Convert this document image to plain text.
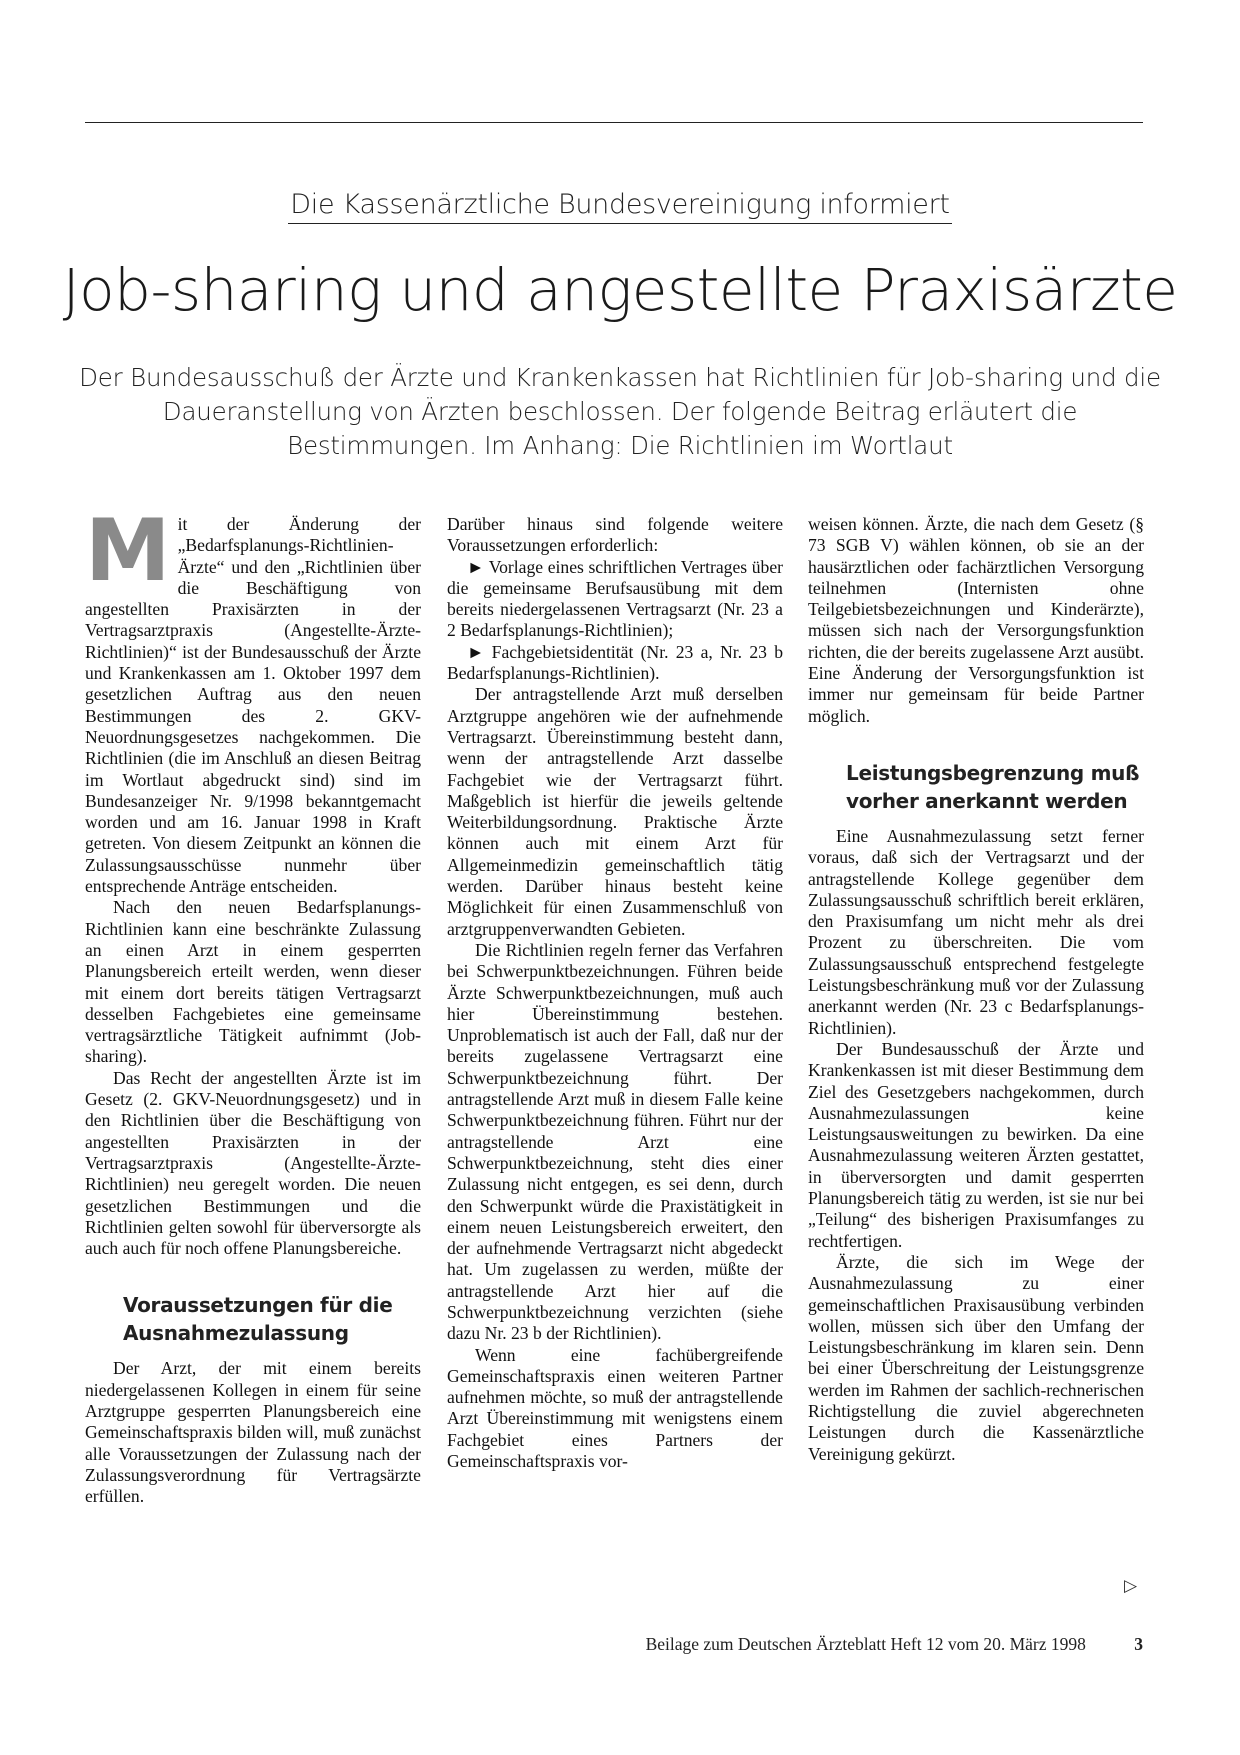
Die Kassenärztliche Bundesvereinigung informiert
Job-sharing und angestellte Praxisärzte

Der Bundesausschuß der Ärzte und Krankenkassen hat Richtlinien für Job-sharing und die Daueranstellung von Ärzten beschlossen. Der folgende Beitrag erläutert die Bestimmungen. Im Anhang: Die Richtlinien im Wortlaut

M it der Änderung der „Bedarfsplanungs-Richtlinien-Ärzte“ und den „Richtlinien über die Beschäftigung von angestellten Praxisärzten in der Vertragsarztpraxis (Angestellte-Ärzte-Richtlinien)“ ist der Bundesausschuß der Ärzte und Krankenkassen am 1. Oktober 1997 dem gesetzlichen Auftrag aus den neuen Bestimmungen des 2. GKV-Neuordnungsgesetzes nachgekommen. Die Richtlinien (die im Anschluß an diesen Beitrag im Wortlaut abgedruckt sind) sind im Bundesanzeiger Nr. 9/1998 bekanntgemacht worden und am 16. Januar 1998 in Kraft getreten. Von diesem Zeitpunkt an können die Zulassungsausschüsse nunmehr über entsprechende Anträge entscheiden.

Nach den neuen Bedarfsplanungs-Richtlinien kann eine beschränkte Zulassung an einen Arzt in einem gesperrten Planungsbereich erteilt werden, wenn dieser mit einem dort bereits tätigen Vertragsarzt desselben Fachgebietes eine gemeinsame vertragsärztliche Tätigkeit aufnimmt (Job-sharing).

Das Recht der angestellten Ärzte ist im Gesetz (2. GKV-Neuordnungsgesetz) und in den Richtlinien über die Beschäftigung von angestellten Praxisärzten in der Vertragsarztpraxis (Angestellte-Ärzte-Richtlinien) neu geregelt worden. Die neuen gesetzlichen Bestimmungen und die Richtlinien gelten sowohl für überversorgte als auch auch für noch offene Planungsbereiche.

Voraussetzungen für die Ausnahmezulassung

Der Arzt, der mit einem bereits niedergelassenen Kollegen in einem für seine Arztgruppe gesperrten Planungsbereich eine Gemeinschaftspraxis bilden will, muß zunächst alle Voraussetzungen der Zulassung nach der Zulassungsverordnung für Vertragsärzte erfüllen.

Darüber hinaus sind folgende weitere Voraussetzungen erforderlich:

► Vorlage eines schriftlichen Vertrages über die gemeinsame Berufsausübung mit dem bereits niedergelassenen Vertragsarzt (Nr. 23 a 2 Bedarfsplanungs-Richtlinien);

► Fachgebietsidentität (Nr. 23 a, Nr. 23 b Bedarfsplanungs-Richtlinien).

Der antragstellende Arzt muß derselben Arztgruppe angehören wie der aufnehmende Vertragsarzt. Übereinstimmung besteht dann, wenn der antragstellende Arzt dasselbe Fachgebiet wie der Vertragsarzt führt. Maßgeblich ist hierfür die jeweils geltende Weiterbildungsordnung. Praktische Ärzte können auch mit einem Arzt für Allgemeinmedizin gemeinschaftlich tätig werden. Darüber hinaus besteht keine Möglichkeit für einen Zusammenschluß von arztgruppenverwandten Gebieten.

Die Richtlinien regeln ferner das Verfahren bei Schwerpunktbezeichnungen. Führen beide Ärzte Schwerpunktbezeichnungen, muß auch hier Übereinstimmung bestehen. Unproblematisch ist auch der Fall, daß nur der bereits zugelassene Vertragsarzt eine Schwerpunktbezeichnung führt. Der antragstellende Arzt muß in diesem Falle keine Schwerpunktbezeichnung führen. Führt nur der antragstellende Arzt eine Schwerpunktbezeichnung, steht dies einer Zulassung nicht entgegen, es sei denn, durch den Schwerpunkt würde die Praxistätigkeit in einem neuen Leistungsbereich erweitert, den der aufnehmende Vertragsarzt nicht abgedeckt hat. Um zugelassen zu werden, müßte der antragstellende Arzt hier auf die Schwerpunktbezeichnung verzichten (siehe dazu Nr. 23 b der Richtlinien).

Wenn eine fachübergreifende Gemeinschaftspraxis einen weiteren Partner aufnehmen möchte, so muß der antragstellende Arzt Übereinstimmung mit wenigstens einem Fachgebiet eines Partners der Gemeinschaftspraxis vor-

weisen können. Ärzte, die nach dem Gesetz (§ 73 SGB V) wählen können, ob sie an der hausärztlichen oder fachärztlichen Versorgung teilnehmen (Internisten ohne Teilgebietsbezeichnungen und Kinderärzte), müssen sich nach der Versorgungsfunktion richten, die der bereits zugelassene Arzt ausübt. Eine Änderung der Versorgungsfunktion ist immer nur gemeinsam für beide Partner möglich.

Leistungsbegrenzung muß vorher anerkannt werden

Eine Ausnahmezulassung setzt ferner voraus, daß sich der Vertragsarzt und der antragstellende Kollege gegenüber dem Zulassungsausschuß schriftlich bereit erklären, den Praxisumfang um nicht mehr als drei Prozent zu überschreiten. Die vom Zulassungsausschuß entsprechend festgelegte Leistungsbeschränkung muß vor der Zulassung anerkannt werden (Nr. 23 c Bedarfsplanungs-Richtlinien).

Der Bundesausschuß der Ärzte und Krankenkassen ist mit dieser Bestimmung dem Ziel des Gesetzgebers nachgekommen, durch Ausnahmezulassungen keine Leistungsausweitungen zu bewirken. Da eine Ausnahmezulassung weiteren Ärzten gestattet, in überversorgten und damit gesperrten Planungsbereich tätig zu werden, ist sie nur bei „Teilung“ des bisherigen Praxisumfanges zu rechtfertigen.

Ärzte, die sich im Wege der Ausnahmezulassung zu einer gemeinschaftlichen Praxisausübung verbinden wollen, müssen sich über den Umfang der Leistungsbeschränkung im klaren sein. Denn bei einer Überschreitung der Leistungsgrenze werden im Rahmen der sachlich-rechnerischen Richtigstellung die zuviel abgerechneten Leistungen durch die Kassenärztliche Vereinigung gekürzt.

▷
Beilage zum Deutschen Ärzteblatt Heft 12 vom 20. März 1998	3
